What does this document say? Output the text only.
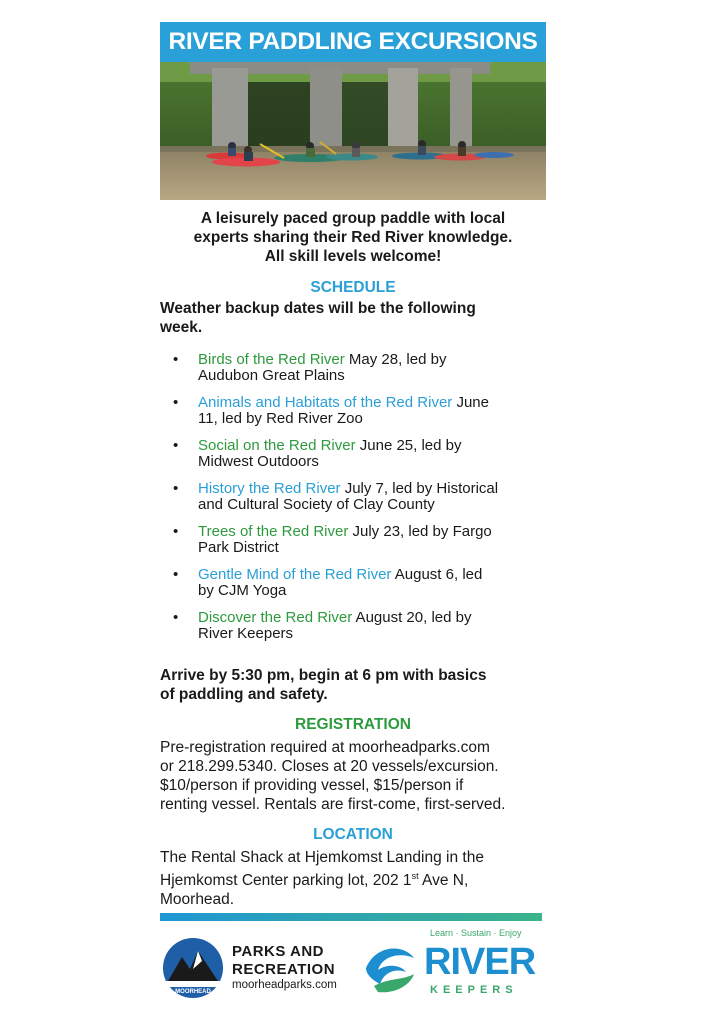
RIVER PADDLING EXCURSIONS
A leisurely paced group paddle with local
experts sharing their Red River knowledge.
All skill levels welcome!
SCHEDULE
Weather backup dates will be the following
week.
• Birds of the Red River May 28, led by
Audubon Great Plains
• Animals and Habitats of the Red River June
11, led by Red River Zoo
• Social on the Red River June 25, led by
Midwest Outdoors
• History the Red River July 7, led by Historical
and Cultural Society of Clay County
• Trees of the Red River July 23, led by Fargo
Park District
• Gentle Mind of the Red River August 6, led
by CJM Yoga
• Discover the Red River August 20, led by
River Keepers
Arrive by 5:30 pm, begin at 6 pm with basics
of paddling and safety.
REGISTRATION
Pre-registration required at moorheadparks.com
or 218.299.5340. Closes at 20 vessels/excursion.
$10/person if providing vessel, $15/person if
renting vessel. Rentals are first-come, first-served.
LOCATION
The Rental Shack at Hjemkomst Landing in the
Hjemkomst Center parking lot, 202 1st Ave N,
Moorhead.
MOORHEAD
PARKS AND
RECREATION
moorheadparks.com
Learn · Sustain · Enjoy
RIVER
KEEPERS
